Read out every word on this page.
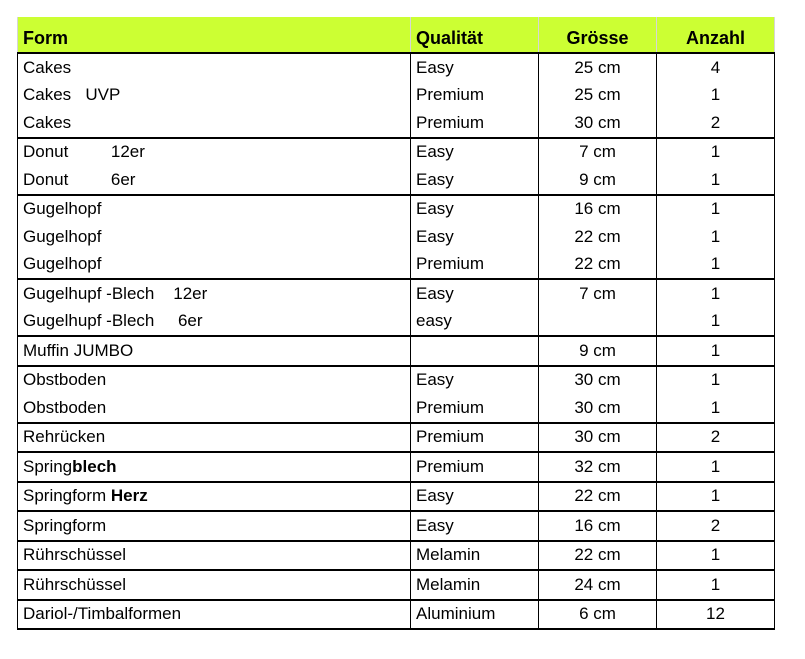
Form	Qualität	Grösse	Anzahl
Cakes	Easy	25 cm	4
Cakes   UVP	Premium	25 cm	1
Cakes	Premium	30 cm	2
Donut         12er	Easy	7 cm	1
Donut         6er	Easy	9 cm	1
Gugelhopf	Easy	16 cm	1
Gugelhopf	Easy	22 cm	1
Gugelhopf	Premium	22 cm	1
Gugelhupf -Blech    12er	Easy	7 cm	1
Gugelhupf -Blech     6er	easy		1
Muffin JUMBO		9 cm	1
Obstboden	Easy	30 cm	1
Obstboden	Premium	30 cm	1
Rehrücken	Premium	30 cm	2
Springblech	Premium	32 cm	1
Springform Herz	Easy	22 cm	1
Springform	Easy	16 cm	2
Rührschüssel	Melamin	22 cm	1
Rührschüssel	Melamin	24 cm	1
Dariol-/Timbalformen	Aluminium	6 cm	12
